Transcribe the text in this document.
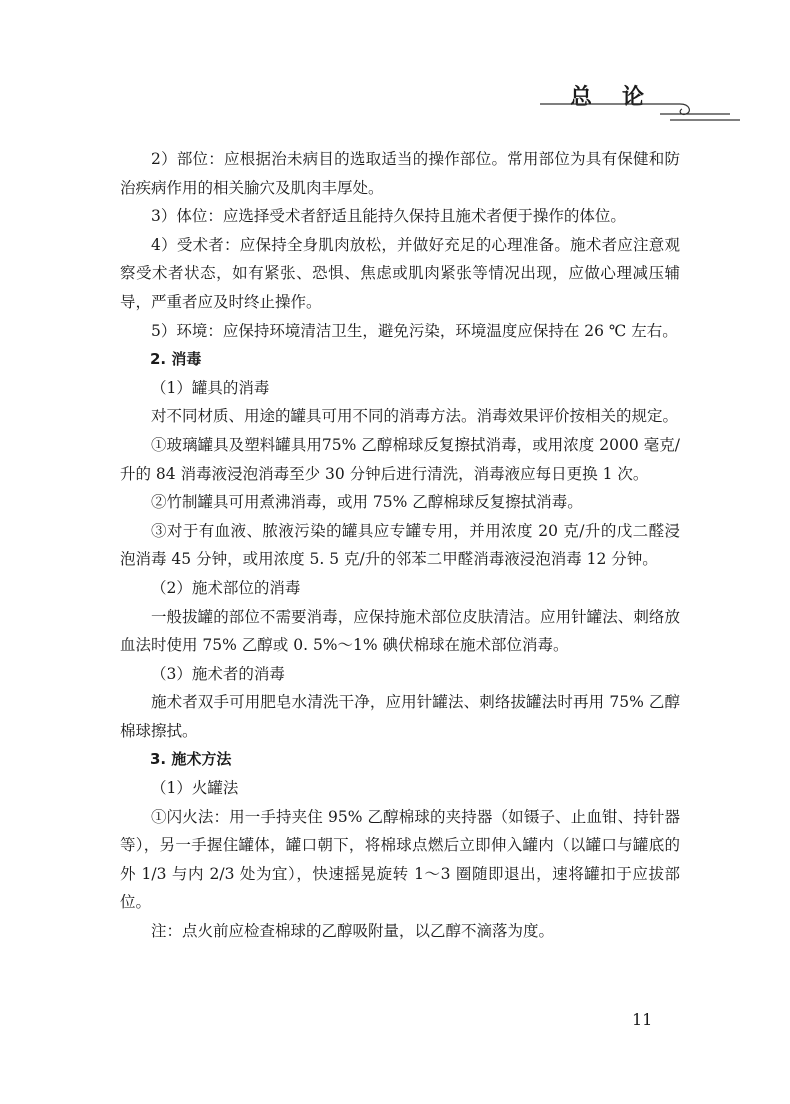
总论

2）部位：应根据治未病目的选取适当的操作部位。常用部位为具有保健和防治疾病作用的相关腧穴及肌肉丰厚处。

3）体位：应选择受术者舒适且能持久保持且施术者便于操作的体位。

4）受术者：应保持全身肌肉放松，并做好充足的心理准备。施术者应注意观察受术者状态，如有紧张、恐惧、焦虑或肌肉紧张等情况出现，应做心理减压辅导，严重者应及时终止操作。

5）环境：应保持环境清洁卫生，避免污染，环境温度应保持在 26 ℃ 左右。

2. 消毒

（1）罐具的消毒

对不同材质、用途的罐具可用不同的消毒方法。消毒效果评价按相关的规定。

①玻璃罐具及塑料罐具用75% 乙醇棉球反复擦拭消毒，或用浓度 2000 毫克/升的 84 消毒液浸泡消毒至少 30 分钟后进行清洗，消毒液应每日更换 1 次。

②竹制罐具可用煮沸消毒，或用 75% 乙醇棉球反复擦拭消毒。

③对于有血液、脓液污染的罐具应专罐专用，并用浓度 20 克/升的戊二醛浸泡消毒 45 分钟，或用浓度 5. 5 克/升的邻苯二甲醛消毒液浸泡消毒 12 分钟。

（2）施术部位的消毒

一般拔罐的部位不需要消毒，应保持施术部位皮肤清洁。应用针罐法、刺络放血法时使用 75% 乙醇或 0. 5%～1% 碘伏棉球在施术部位消毒。

（3）施术者的消毒

施术者双手可用肥皂水清洗干净，应用针罐法、刺络拔罐法时再用 75% 乙醇棉球擦拭。

3. 施术方法

（1）火罐法

①闪火法：用一手持夹住 95% 乙醇棉球的夹持器（如镊子、止血钳、持针器等），另一手握住罐体，罐口朝下，将棉球点燃后立即伸入罐内（以罐口与罐底的外 1/3 与内 2/3 处为宜），快速摇晃旋转 1～3 圈随即退出，速将罐扣于应拔部位。

注：点火前应检查棉球的乙醇吸附量，以乙醇不滴落为度。

11
